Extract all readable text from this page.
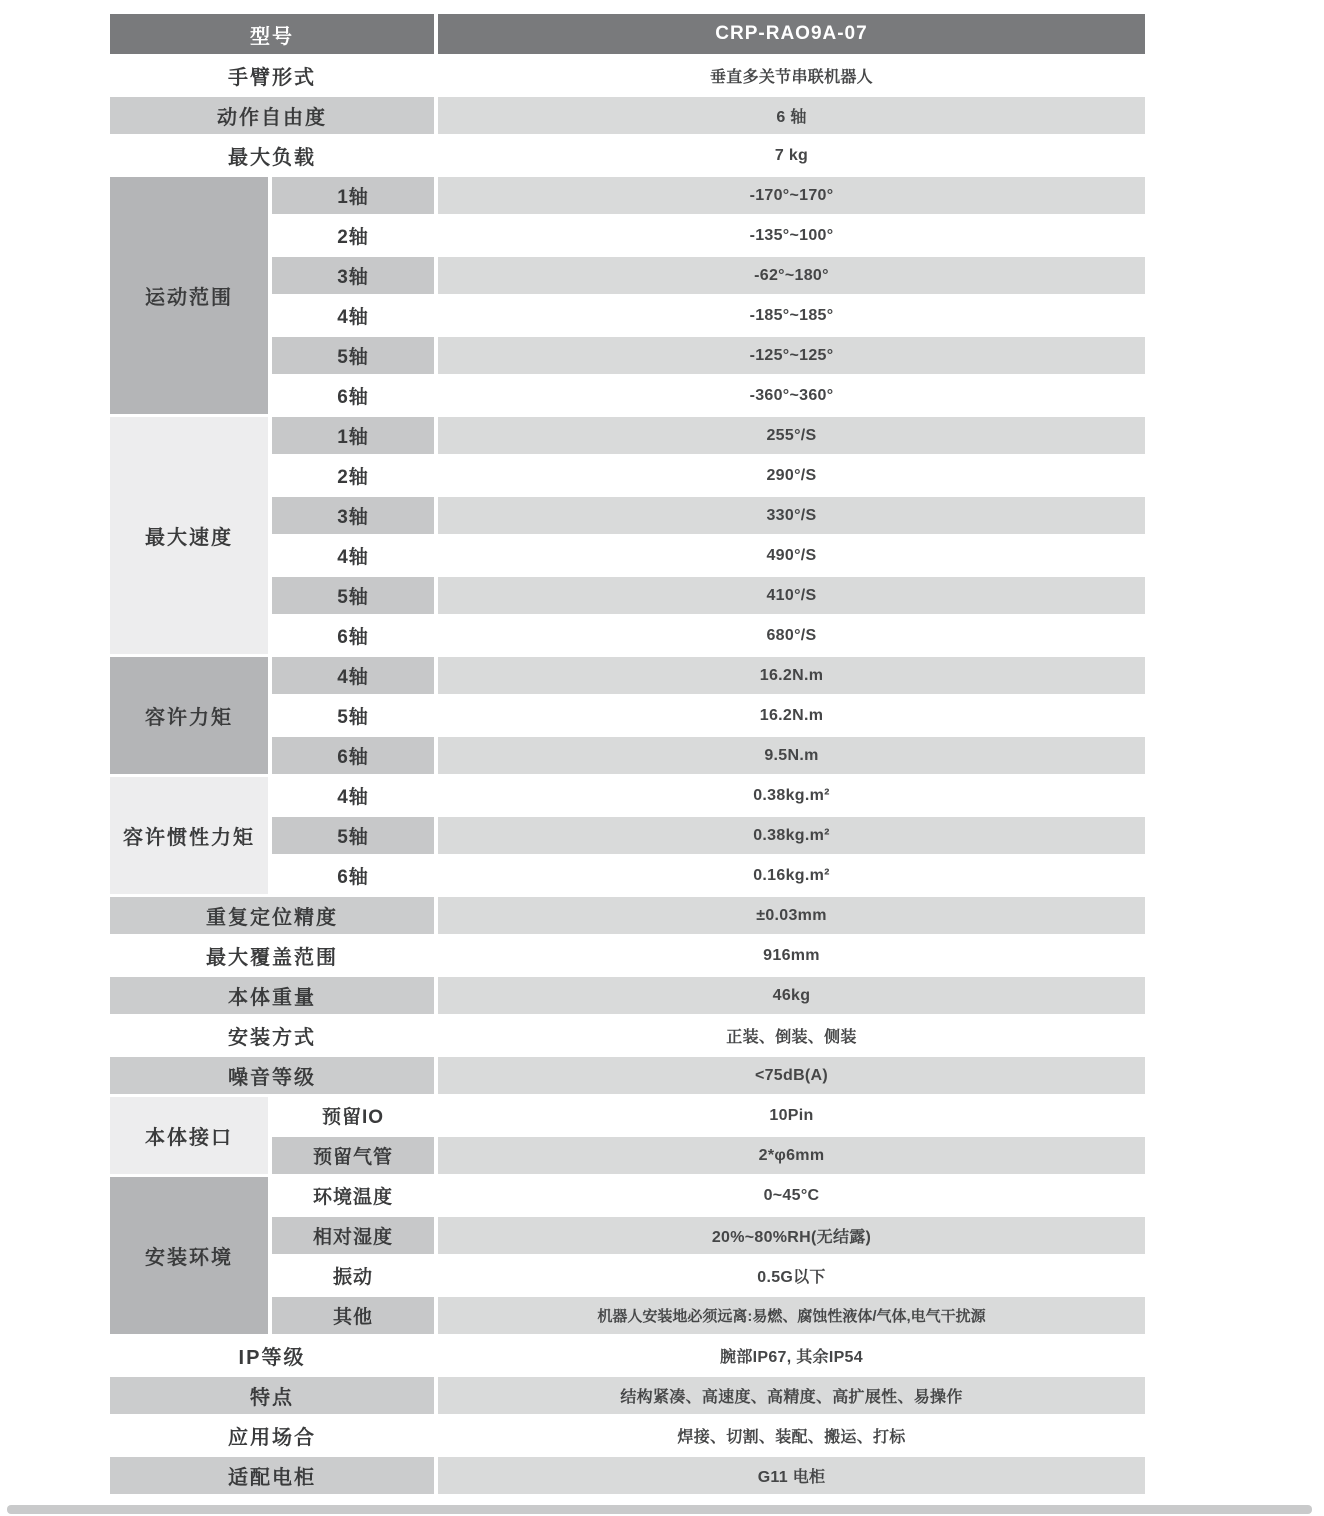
型号		CRP-RAO9A-07
手臂形式		垂直多关节串联机器人
动作自由度		6 轴
最大负载		7 kg
运动范围	1轴	-170°~170°
	2轴	-135°~100°
	3轴	-62°~180°
	4轴	-185°~185°
	5轴	-125°~125°
	6轴	-360°~360°
最大速度	1轴	255°/S
	2轴	290°/S
	3轴	330°/S
	4轴	490°/S
	5轴	410°/S
	6轴	680°/S
容许力矩	4轴	16.2N.m
	5轴	16.2N.m
	6轴	9.5N.m
容许惯性力矩	4轴	0.38kg.m²
	5轴	0.38kg.m²
	6轴	0.16kg.m²
重复定位精度		±0.03mm
最大覆盖范围		916mm
本体重量		46kg
安装方式		正装、倒装、侧装
噪音等级		<75dB(A)
本体接口	预留IO	10Pin
	预留气管	2*φ6mm
安装环境	环境温度	0~45°C
	相对湿度	20%~80%RH(无结露)
	振动	0.5G以下
	其他	机器人安装地必须远离:易燃、腐蚀性液体/气体,电气干扰源
IP等级		腕部IP67, 其余IP54
特点		结构紧凑、高速度、高精度、高扩展性、易操作
应用场合		焊接、切割、装配、搬运、打标
适配电柜		G11 电柜
